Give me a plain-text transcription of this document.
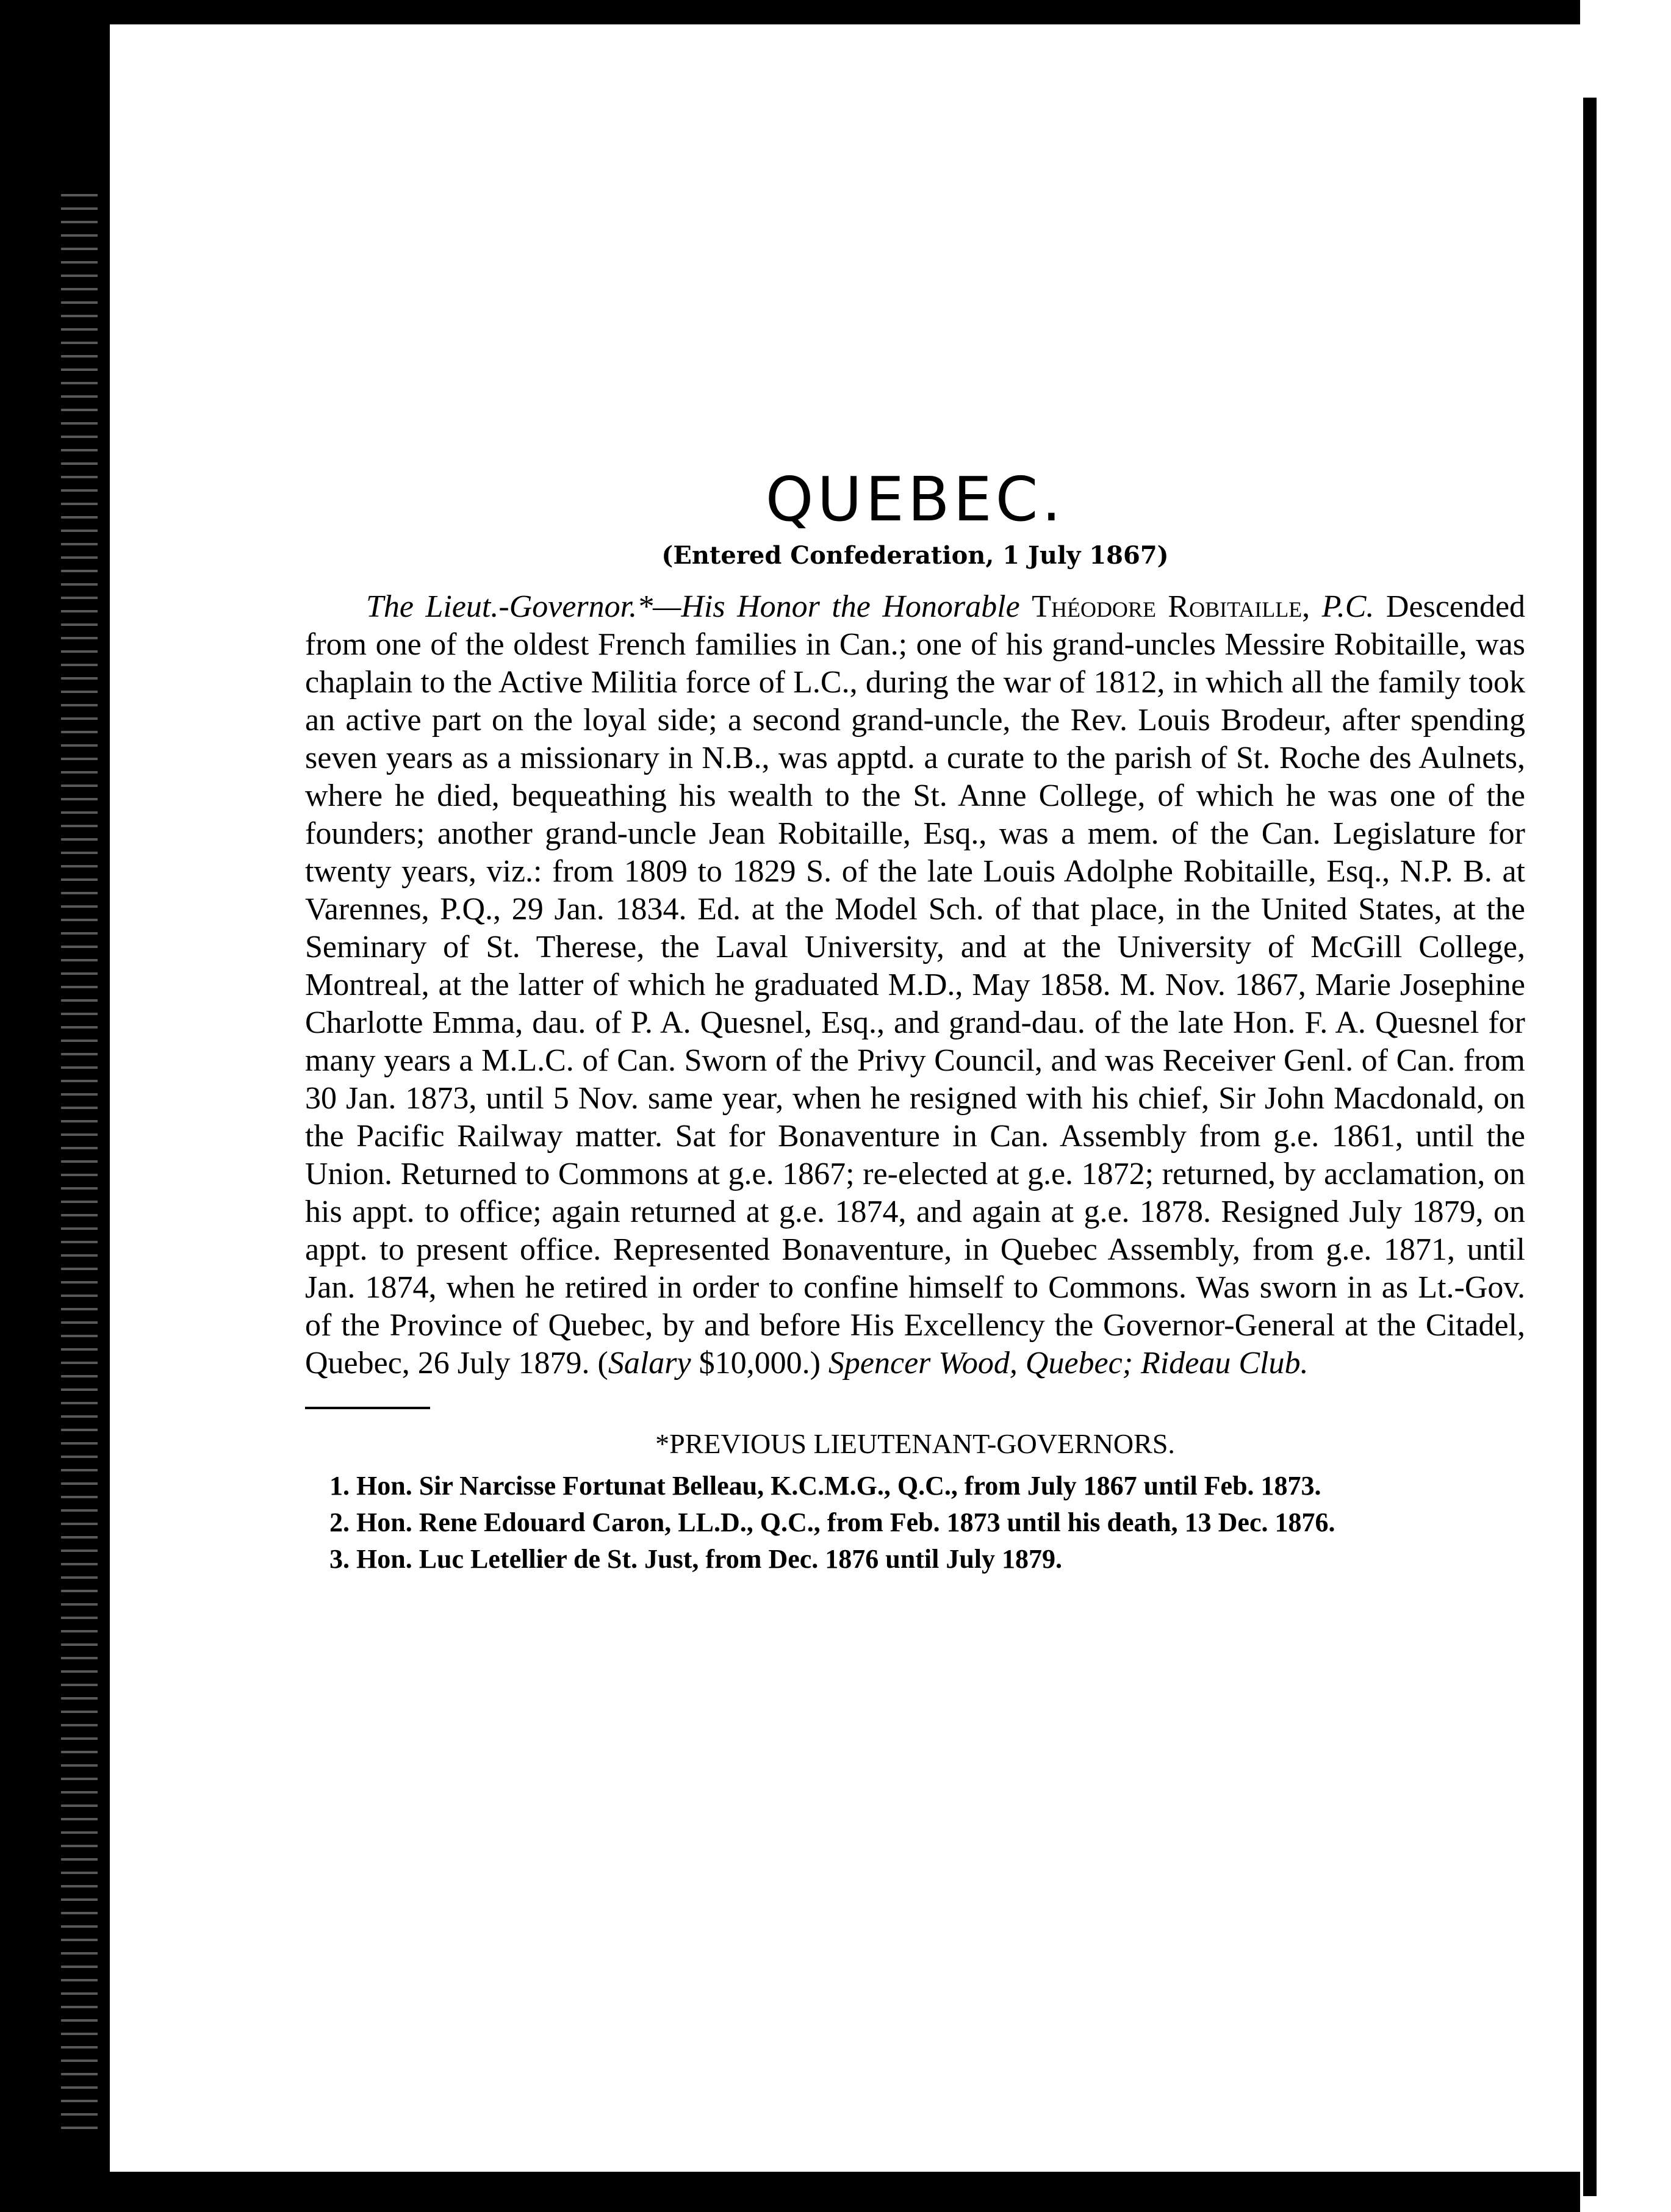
QUEBEC.
(Entered Confederation, 1 July 1867)

The Lieut.-Governor.*—His Honor the Honorable Théodore Robitaille, P.C. Descended from one of the oldest French families in Can.; one of his grand-uncles Messire Robitaille, was chaplain to the Active Militia force of L.C., during the war of 1812, in which all the family took an active part on the loyal side; a second grand-uncle, the Rev. Louis Brodeur, after spending seven years as a missionary in N.B., was apptd. a curate to the parish of St. Roche des Aulnets, where he died, bequeathing his wealth to the St. Anne College, of which he was one of the founders; another grand-uncle Jean Robitaille, Esq., was a mem. of the Can. Legislature for twenty years, viz.: from 1809 to 1829 S. of the late Louis Adolphe Robitaille, Esq., N.P. B. at Varennes, P.Q., 29 Jan. 1834. Ed. at the Model Sch. of that place, in the United States, at the Seminary of St. Therese, the Laval University, and at the University of McGill College, Montreal, at the latter of which he graduated M.D., May 1858. M. Nov. 1867, Marie Josephine Charlotte Emma, dau. of P. A. Quesnel, Esq., and grand-dau. of the late Hon. F. A. Quesnel for many years a M.L.C. of Can. Sworn of the Privy Council, and was Receiver Genl. of Can. from 30 Jan. 1873, until 5 Nov. same year, when he resigned with his chief, Sir John Macdonald, on the Pacific Railway matter. Sat for Bonaventure in Can. Assembly from g.e. 1861, until the Union. Returned to Commons at g.e. 1867; re-elected at g.e. 1872; returned, by acclamation, on his appt. to office; again returned at g.e. 1874, and again at g.e. 1878. Resigned July 1879, on appt. to present office. Represented Bonaventure, in Quebec Assembly, from g.e. 1871, until Jan. 1874, when he retired in order to confine himself to Commons. Was sworn in as Lt.-Gov. of the Province of Quebec, by and before His Excellency the Governor-General at the Citadel, Quebec, 26 July 1879. (Salary $10,000.) Spencer Wood, Quebec; Rideau Club.

*PREVIOUS LIEUTENANT-GOVERNORS.
1. Hon. Sir Narcisse Fortunat Belleau, K.C.M.G., Q.C., from July 1867 until Feb. 1873.
2. Hon. Rene Edouard Caron, LL.D., Q.C., from Feb. 1873 until his death, 13 Dec. 1876.
3. Hon. Luc Letellier de St. Just, from Dec. 1876 until July 1879.
